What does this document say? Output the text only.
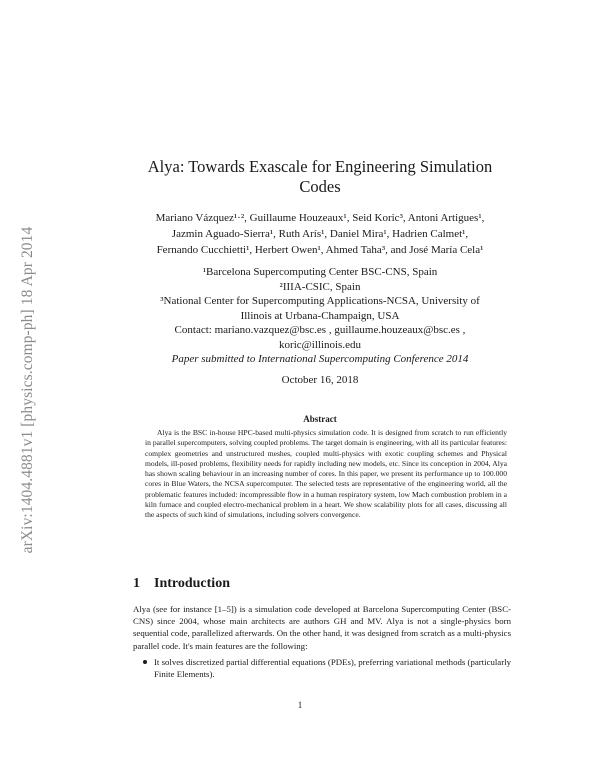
arXiv:1404.4881v1 [physics.comp-ph] 18 Apr 2014
Alya: Towards Exascale for Engineering Simulation Codes
Mariano Vázquez¹·², Guillaume Houzeaux¹, Seid Koric³, Antoni Artigues¹,
Jazmin Aguado-Sierra¹, Ruth Arís¹, Daniel Mira¹, Hadrien Calmet¹,
Fernando Cucchietti¹, Herbert Owen¹, Ahmed Taha³, and José María Cela¹
¹Barcelona Supercomputing Center BSC-CNS, Spain
²IIIA-CSIC, Spain
³National Center for Supercomputing Applications-NCSA, University of
Illinois at Urbana-Champaign, USA
Contact: mariano.vazquez@bsc.es , guillaume.houzeaux@bsc.es ,
koric@illinois.edu
Paper submitted to International Supercomputing Conference 2014
October 16, 2018
Abstract
Alya is the BSC in-house HPC-based multi-physics simulation code. It is designed from scratch to run efficiently in parallel supercomputers, solving coupled problems. The target domain is engineering, with all its particular features: complex geometries and unstructured meshes, coupled multi-physics with exotic coupling schemes and Physical models, ill-posed problems, flexibility needs for rapidly including new models, etc. Since its conception in 2004, Alya has shown scaling behaviour in an increasing number of cores. In this paper, we present its performance up to 100.000 cores in Blue Waters, the NCSA supercomputer. The selected tests are representative of the engineering world, all the problematic features included: incompressible flow in a human respiratory system, low Mach combustion problem in a kiln furnace and coupled electro-mechanical problem in a heart. We show scalability plots for all cases, discussing all the aspects of such kind of simulations, including solvers convergence.
1 Introduction
Alya (see for instance [1–5]) is a simulation code developed at Barcelona Supercomputing Center (BSC-CNS) since 2004, whose main architects are authors GH and MV. Alya is not a single-physics born sequential code, parallelized afterwards. On the other hand, it was designed from scratch as a multi-physics parallel code. It's main features are the following:
It solves discretized partial differential equations (PDEs), preferring variational methods (particularly Finite Elements).
1
